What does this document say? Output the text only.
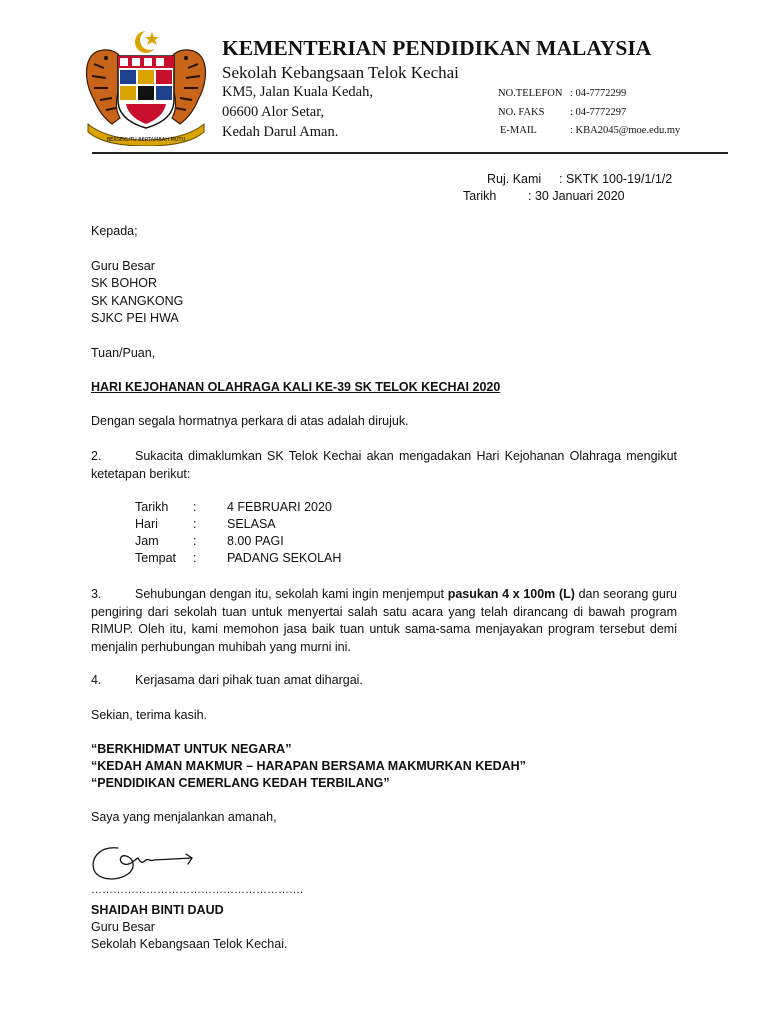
BERSEKUTU BERTAMBAH MUTU
KEMENTERIAN PENDIDIKAN MALAYSIA
Sekolah Kebangsaan Telok Kechai
KM5, Jalan Kuala Kedah,
06600 Alor Setar,
Kedah Darul Aman.
NO.TELEFON : 04-7772299
NO. FAKS : 04-7772297
E-MAIL	: KBA2045@moe.edu.my
Ruj. Kami : SKTK 100-19/1/1/2
Tarikh	: 30 Januari 2020
Kepada;
Guru Besar
SK BOHOR
SK KANGKONG
SJKC PEI HWA
Tuan/Puan,
HARI KEJOHANAN OLAHRAGA KALI KE-39 SK TELOK KECHAI 2020
Dengan segala hormatnya perkara di atas adalah dirujuk.
2.	Sukacita dimaklumkan SK Telok Kechai akan mengadakan Hari Kejohanan Olahraga mengikut ketetapan berikut:
Tarikh : 4 FEBRUARI 2020
Hari	: SELASA
Jam	: 8.00 PAGI
Tempat : PADANG SEKOLAH
3.	Sehubungan dengan itu, sekolah kami ingin menjemput pasukan 4 x 100m (L) dan seorang guru pengiring dari sekolah tuan untuk menyertai salah satu acara yang telah dirancang di bawah program RIMUP. Oleh itu, kami memohon jasa baik tuan untuk sama-sama menjayakan program tersebut demi menjalin perhubungan muhibah yang murni ini.
4.	Kerjasama dari pihak tuan amat dihargai.
Sekian, terima kasih.
“BERKHIDMAT UNTUK NEGARA”
“KEDAH AMAN MAKMUR – HARAPAN BERSAMA MAKMURKAN KEDAH”
“PENDIDIKAN CEMERLANG KEDAH TERBILANG”
Saya yang menjalankan amanah,
………………………………………………….
SHAIDAH BINTI DAUD
Guru Besar
Sekolah Kebangsaan Telok Kechai.
